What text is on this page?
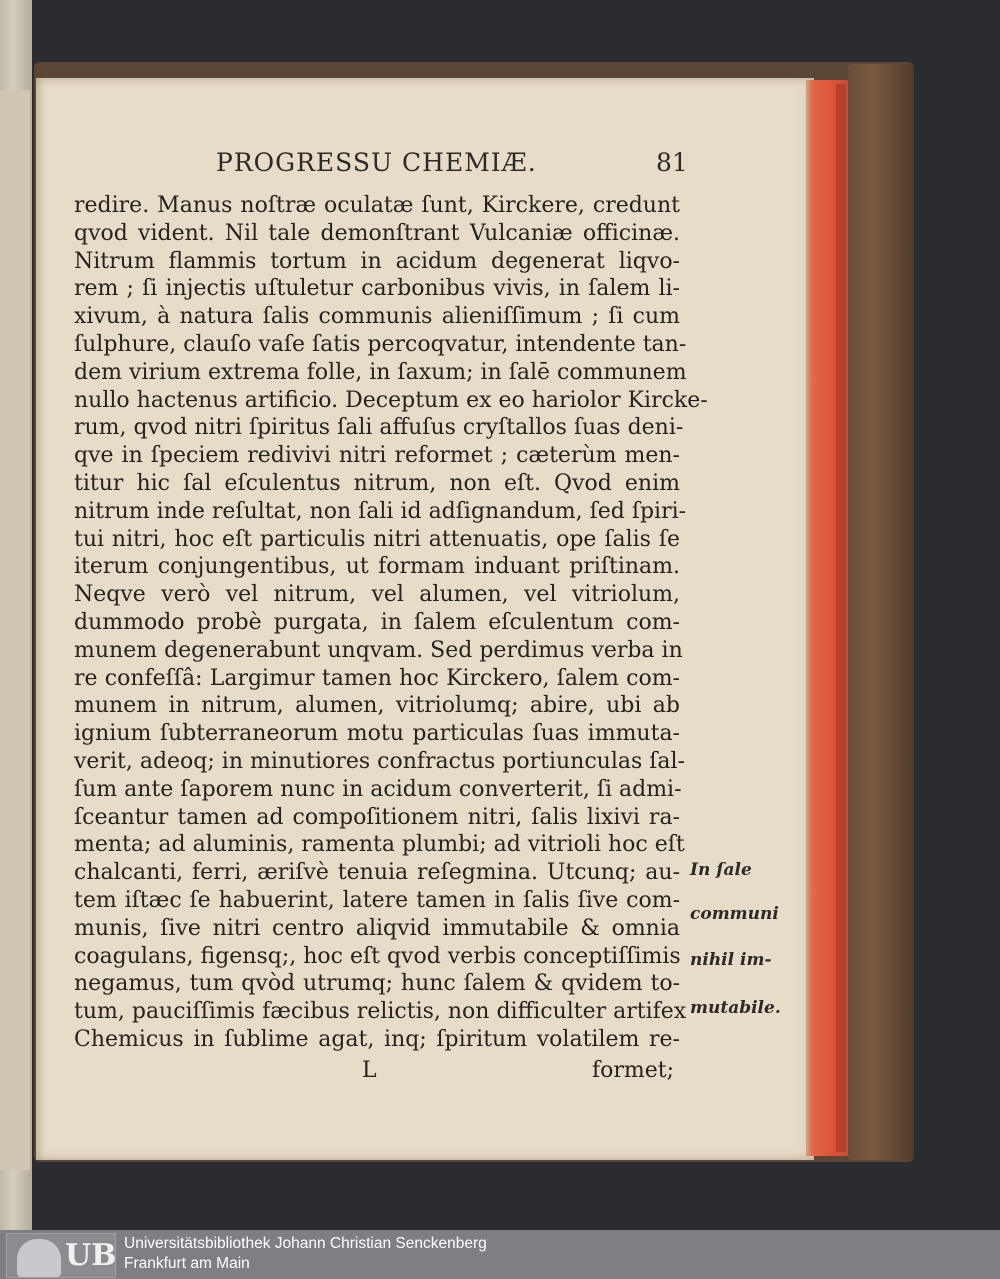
PROGRESSU CHEMIÆ.	81
redire. Manus noſtræ oculatæ ſunt, Kirckere, credunt
qvod vident. Nil tale demonſtrant Vulcaniæ officinæ.
Nitrum flammis tortum in acidum degenerat liqvo-
rem ; ſi injectis uſtuletur carbonibus vivis, in ſalem li-
xivum, à natura ſalis communis alieniſſimum ; ſi cum
ſulphure, clauſo vaſe ſatis percoqvatur, intendente tan-
dem virium extrema folle, in ſaxum; in ſalē communem
nullo hactenus artificio. Deceptum ex eo hariolor Kircke-
rum, qvod nitri ſpiritus ſali affuſus cryſtallos ſuas deni-
qve in ſpeciem redivivi nitri reformet ; cæterùm men-
titur hic ſal eſculentus nitrum, non eſt. Qvod enim
nitrum inde reſultat, non ſali id adſignandum, ſed ſpiri-
tui nitri, hoc eſt particulis nitri attenuatis, ope ſalis ſe
iterum conjungentibus, ut formam induant priſtinam.
Neqve verò vel nitrum, vel alumen, vel vitriolum,
dummodo probè purgata, in ſalem eſculentum com-
munem degenerabunt unqvam. Sed perdimus verba in
re confeſſâ: Largimur tamen hoc Kirckero, ſalem com-
munem in nitrum, alumen, vitriolumq; abire, ubi ab
ignium ſubterraneorum motu particulas ſuas immuta-
verit, adeoq; in minutiores confractus portiunculas ſal-
ſum ante ſaporem nunc in acidum converterit, ſi admi-
ſceantur tamen ad compoſitionem nitri, ſalis lixivi ra-
menta; ad aluminis, ramenta plumbi; ad vitrioli hoc eſt
chalcanti, ferri, æriſvè tenuia reſegmina. Utcunq; au-
tem iſtæc ſe habuerint, latere tamen in ſalis ſive com-
munis, ſive nitri centro aliqvid immutabile & omnia
coagulans, figensq;, hoc eſt qvod verbis conceptiſſimis
negamus, tum qvòd utrumq; hunc ſalem & qvidem to-
tum, pauciſſimis fæcibus relictis, non difficulter artifex
Chemicus in ſublime agat, inq; ſpiritum volatilem re-
L	formet;
In ſale
communi
nihil im-
mutabile.
UB Universitätsbibliothek Johann Christian Senckenberg
Frankfurt am Main
